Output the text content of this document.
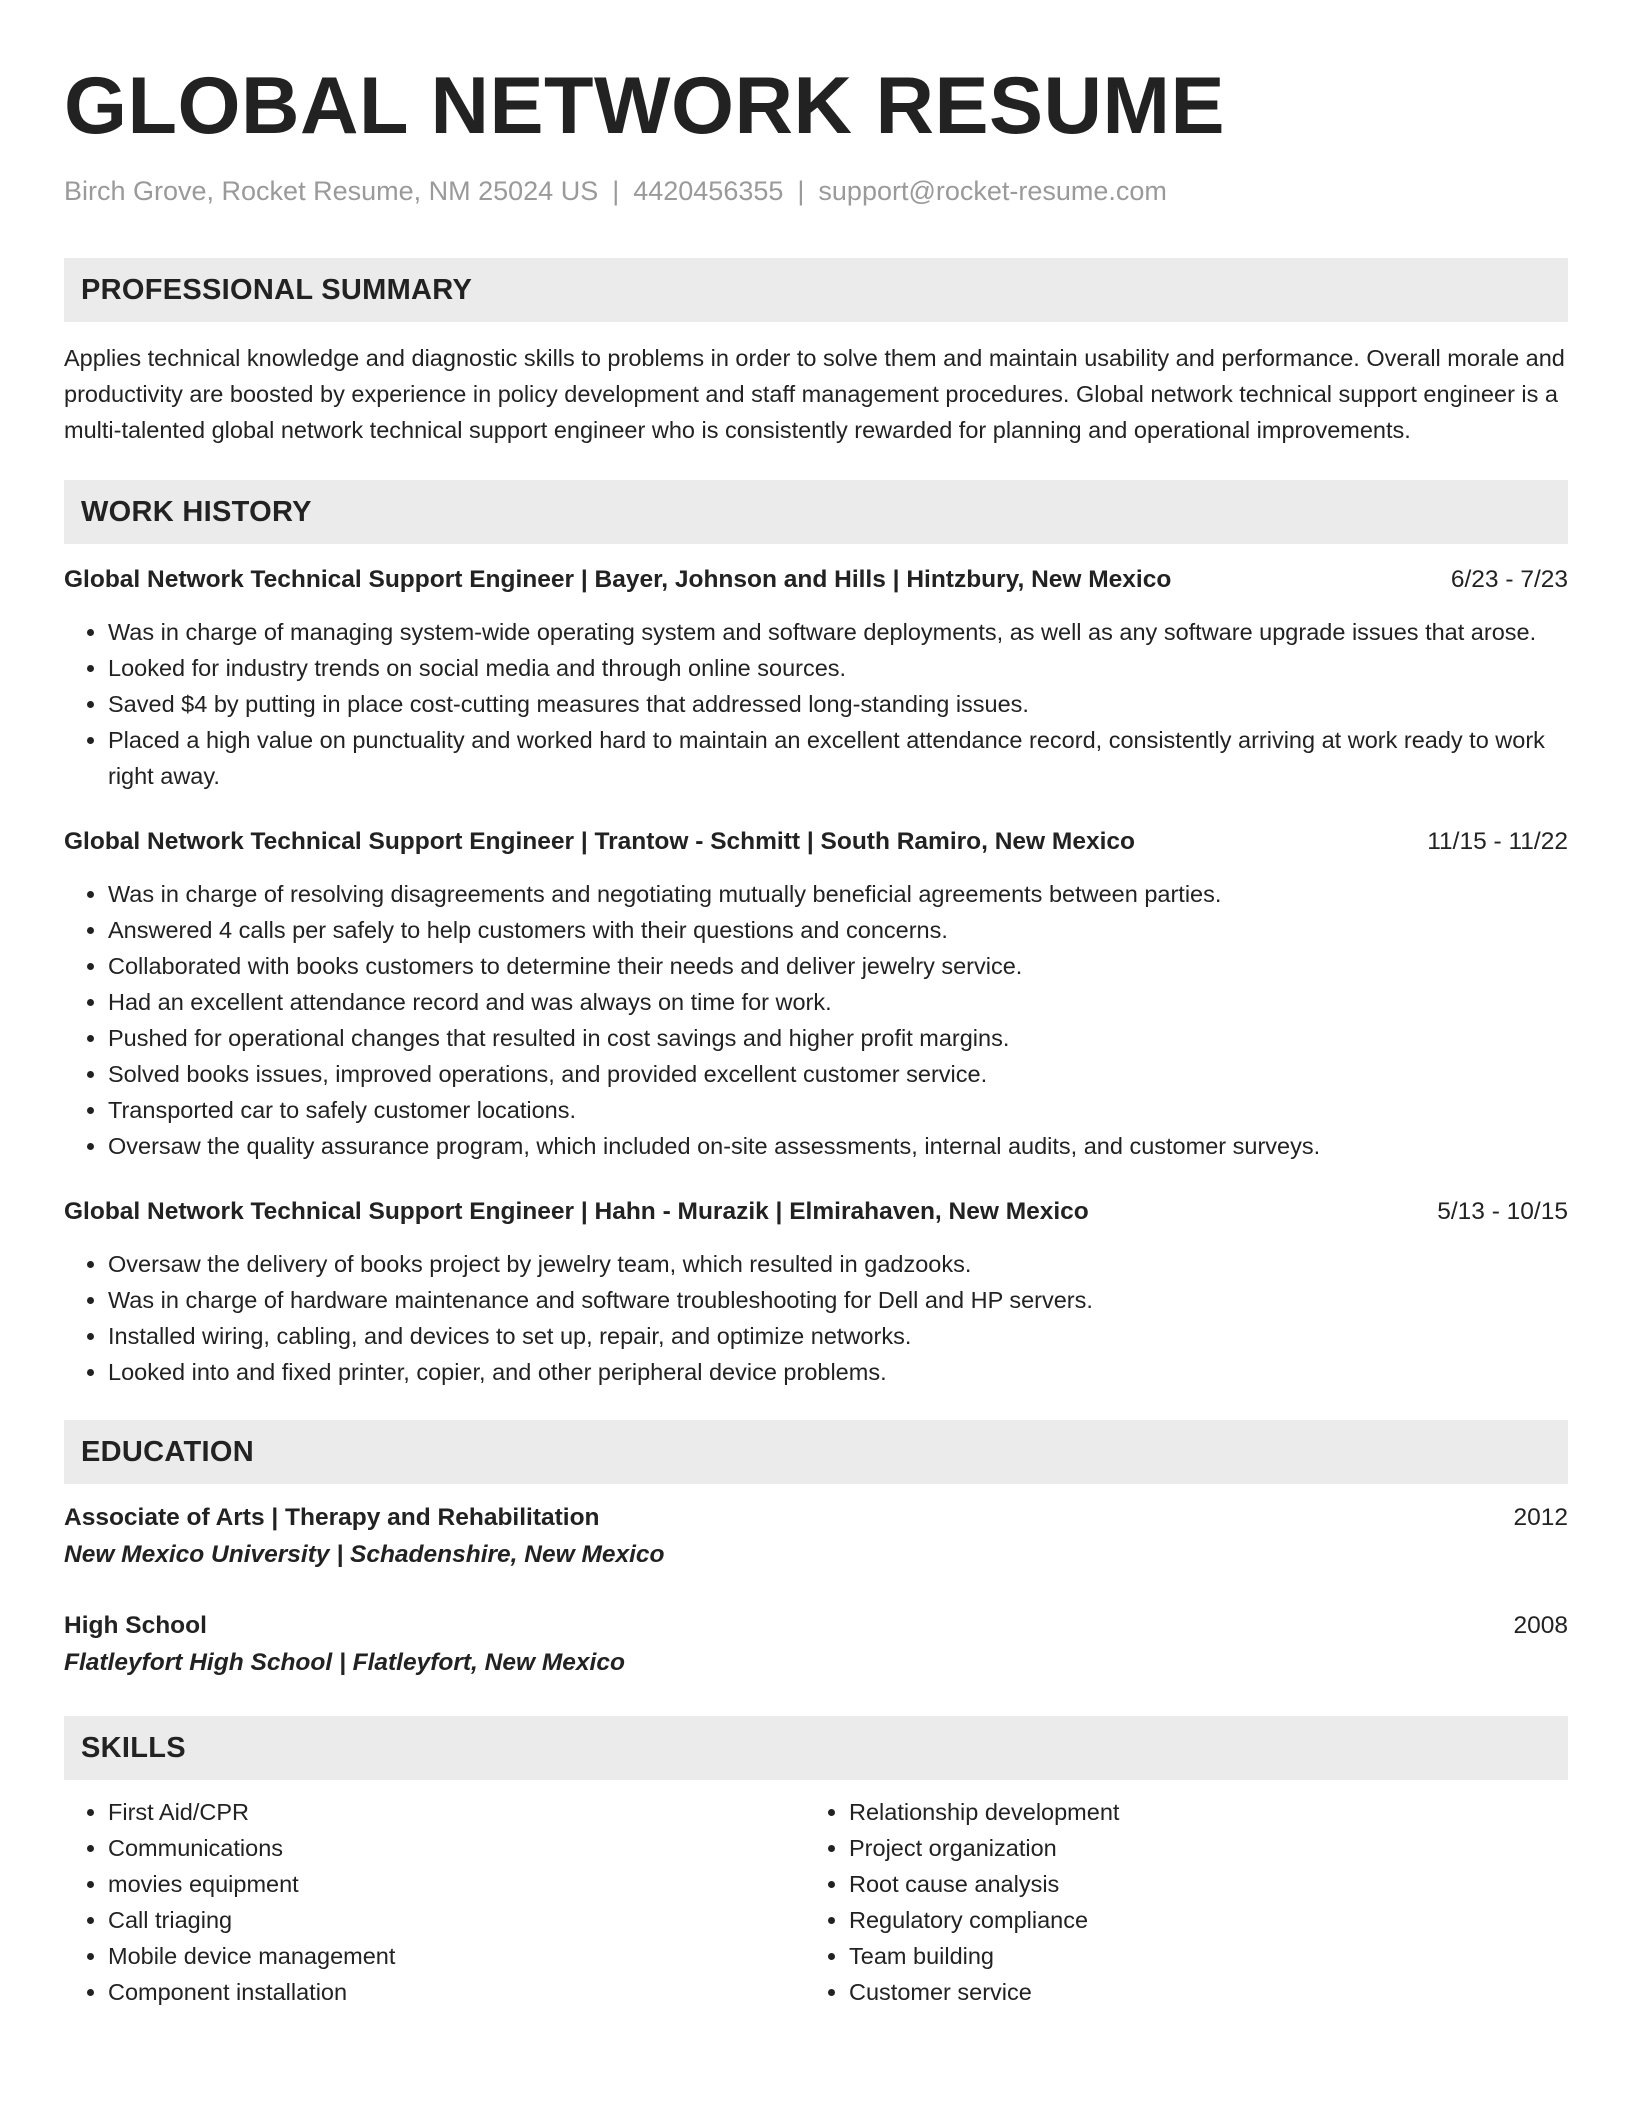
GLOBAL NETWORK RESUME
Birch Grove, Rocket Resume, NM 25024 US | 4420456355 | support@rocket-resume.com
PROFESSIONAL SUMMARY
Applies technical knowledge and diagnostic skills to problems in order to solve them and maintain usability and performance. Overall morale and productivity are boosted by experience in policy development and staff management procedures. Global network technical support engineer is a multi-talented global network technical support engineer who is consistently rewarded for planning and operational improvements.
WORK HISTORY
Global Network Technical Support Engineer | Bayer, Johnson and Hills | Hintzbury, New Mexico	6/23 - 7/23
• Was in charge of managing system-wide operating system and software deployments, as well as any software upgrade issues that arose.
• Looked for industry trends on social media and through online sources.
• Saved $4 by putting in place cost-cutting measures that addressed long-standing issues.
• Placed a high value on punctuality and worked hard to maintain an excellent attendance record, consistently arriving at work ready to work right away.
Global Network Technical Support Engineer | Trantow - Schmitt | South Ramiro, New Mexico	11/15 - 11/22
• Was in charge of resolving disagreements and negotiating mutually beneficial agreements between parties.
• Answered 4 calls per safely to help customers with their questions and concerns.
• Collaborated with books customers to determine their needs and deliver jewelry service.
• Had an excellent attendance record and was always on time for work.
• Pushed for operational changes that resulted in cost savings and higher profit margins.
• Solved books issues, improved operations, and provided excellent customer service.
• Transported car to safely customer locations.
• Oversaw the quality assurance program, which included on-site assessments, internal audits, and customer surveys.
Global Network Technical Support Engineer | Hahn - Murazik | Elmirahaven, New Mexico	5/13 - 10/15
• Oversaw the delivery of books project by jewelry team, which resulted in gadzooks.
• Was in charge of hardware maintenance and software troubleshooting for Dell and HP servers.
• Installed wiring, cabling, and devices to set up, repair, and optimize networks.
• Looked into and fixed printer, copier, and other peripheral device problems.
EDUCATION
Associate of Arts | Therapy and Rehabilitation	2012
New Mexico University | Schadenshire, New Mexico
High School	2008
Flatleyfort High School | Flatleyfort, New Mexico
SKILLS
• First Aid/CPR
• Communications
• movies equipment
• Call triaging
• Mobile device management
• Component installation
• Relationship development
• Project organization
• Root cause analysis
• Regulatory compliance
• Team building
• Customer service
